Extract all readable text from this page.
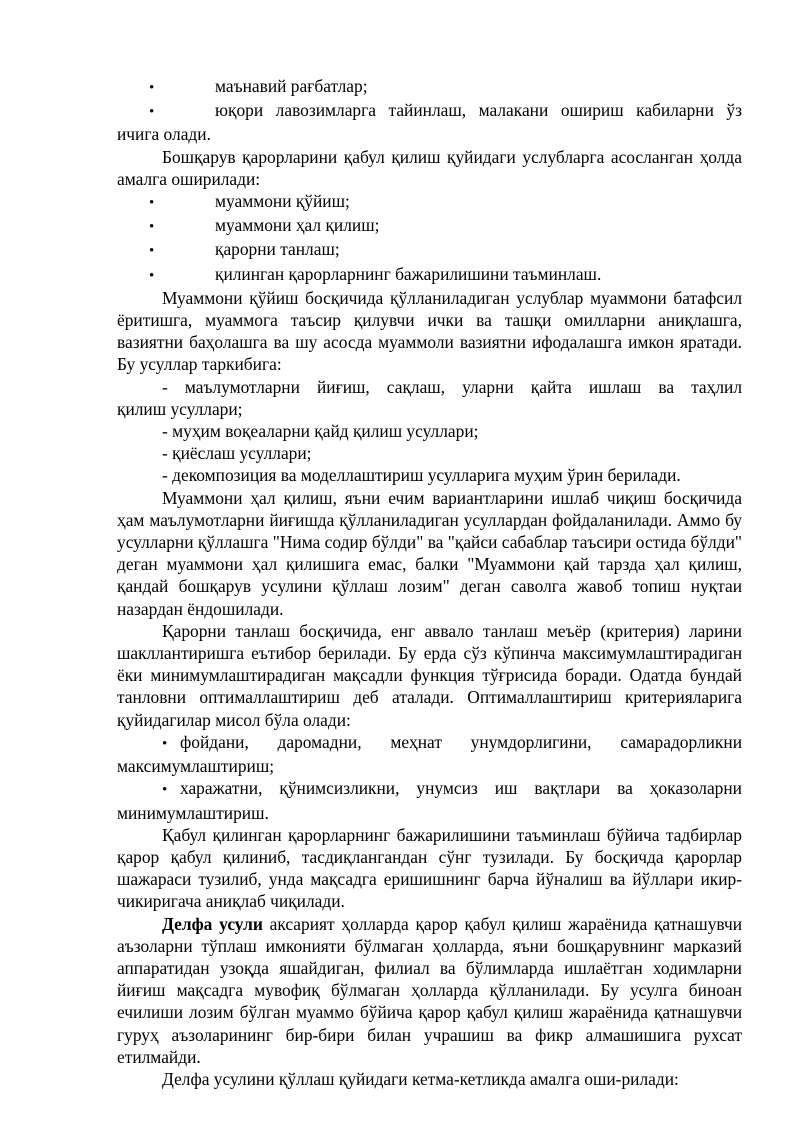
•	маънавий рағбатлар;
•	юқори лавозимларга тайинлаш, малакани ошириш кабиларни ўз

ичига олади.

Бошқарув қарорларини қабул қилиш қуйидаги услубларга асосланган ҳолда амалга оширилади:

•	муаммони қўйиш;
•	муаммони ҳал қилиш;
•	қарорни танлаш;
•	қилинган қарорларнинг бажарилишини таъминлаш.

Муаммони қўйиш босқичида қўлланиладиган услублар муаммони батафсил ёритишга, муаммога таъсир қилувчи ички ва ташқи омилларни аниқлашга, вазиятни баҳолашга ва шу асосда муаммоли вазиятни ифодалашга имкон яратади. Бу усуллар таркибига:

- маълумотларни йиғиш, сақлаш, уларни қайта ишлаш ва таҳлил

қилиш усуллари;

- муҳим воқеаларни қайд қилиш усуллари;

- қиёслаш усуллари;

- декомпозиция ва моделлаштириш усулларига муҳим ўрин берилади.

Муаммони ҳал қилиш, яъни ечим вариантларини ишлаб чиқиш босқичида ҳам маълумотларни йиғишда қўлланиладиган усуллардан фойдаланилади. Аммо бу усулларни қўллашга "Нима содир бўлди" ва "қайси сабаблар таъсири остида бўлди" деган муаммони ҳал қилишига емас, балки "Муаммони қай тарзда ҳал қилиш, қандай бошқарув усулини қўллаш лозим" деган саволга жавоб топиш нуқтаи назардан ёндошилади.

Қарорни танлаш босқичида, енг аввало танлаш меъёр (критерия) ларини шакллантиришга еътибор берилади. Бу ерда сўз кўпинча максимумлаштирадиган ёки минимумлаштирадиган мақсадли функция тўғрисида боради. Одатда бундай танловни оптималлаштириш деб аталади. Оптималлаштириш критерияларига қуйидагилар мисол бўла олади:

• фойдани, даромадни, меҳнат унумдорлигини, самарадорликни

максимумлаштириш;

• харажатни, қўнимсизликни, унумсиз иш вақтлари ва ҳоказоларни

минимумлаштириш.

Қабул қилинган қарорларнинг бажарилишини таъминлаш бўйича тадбирлар қарор қабул қилиниб, тасдиқлангандан сўнг тузилади. Бу босқичда қарорлар шажараси тузилиб, унда мақсадга еришишнинг барча йўналиш ва йўллари икир-чикиригача аниқлаб чиқилади.

Делфа усули аксарият ҳолларда қарор қабул қилиш жараёнида қатнашувчи аъзоларни тўплаш имконияти бўлмаган ҳолларда, яъни бошқарувнинг марказий аппаратидан узоқда яшайдиган, филиал ва бўлимларда ишлаётган ходимларни йиғиш мақсадга мувофиқ бўлмаган ҳолларда қўлланилади. Бу усулга биноан ечилиши лозим бўлган муаммо бўйича қарор қабул қилиш жараёнида қатнашувчи гуруҳ аъзоларининг бир-бири билан учрашиш ва фикр алмашишига рухсат етилмайди.

Делфа усулини қўллаш қуйидаги кетма-кетликда амалга оши-рилади:
